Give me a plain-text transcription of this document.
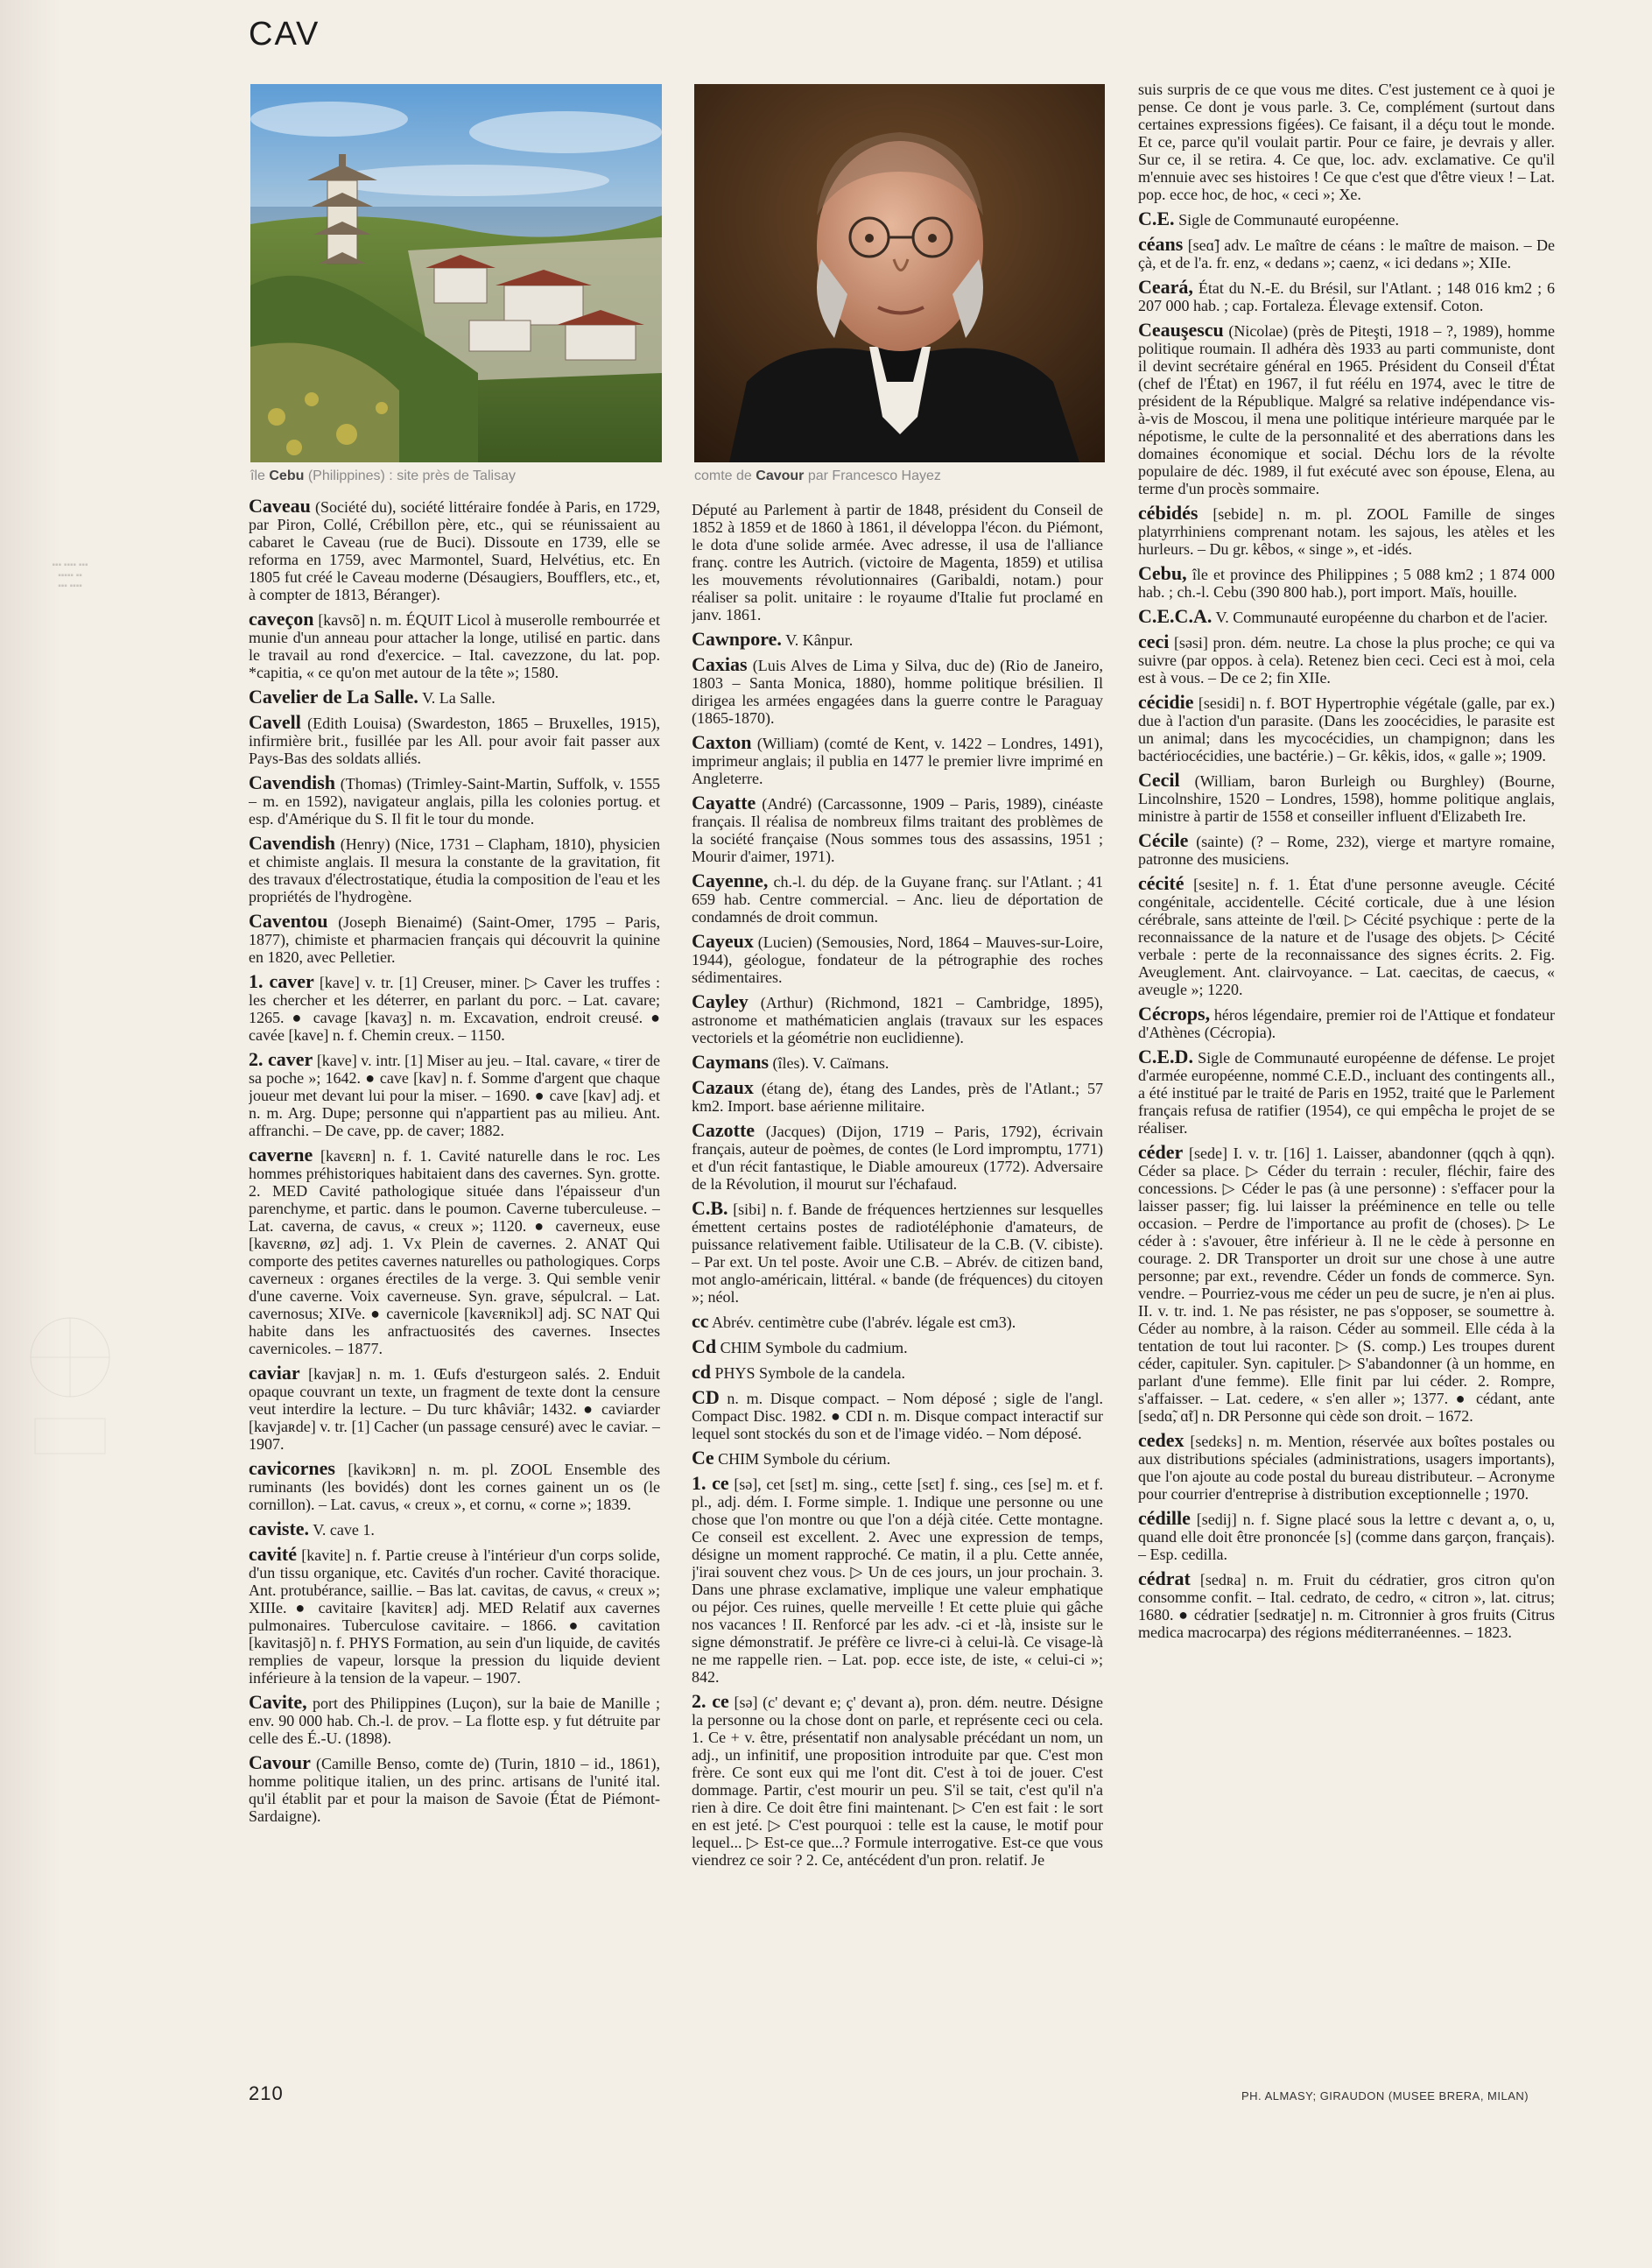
▪▪▪ ▪▪▪▪ ▪▪▪
▪▪▪▪▪ ▪▪
▪▪▪ ▪▪▪▪
CAV
île Cebu (Philippines) : site près de Talisay	comte de Cavour par Francesco Hayez

Caveau (Société du), société littéraire fondée à Paris, en 1729, par Piron, Collé, Crébillon père, etc., qui se réunissaient au cabaret le Caveau (rue de Buci). Dissoute en 1739, elle se reforma en 1759, avec Marmontel, Suard, Helvétius, etc. En 1805 fut créé le Caveau moderne (Désaugiers, Boufflers, etc., et, à compter de 1813, Béranger).

caveçon [kavsõ] n. m. ÉQUIT Licol à muserolle rembourrée et munie d'un anneau pour attacher la longe, utilisé en partic. dans le travail au rond d'exercice. – Ital. cavezzone, du lat. pop. *capitia, « ce qu'on met autour de la tête »; 1580.

Cavelier de La Salle. V. La Salle.

Cavell (Edith Louisa) (Swardeston, 1865 – Bruxelles, 1915), infirmière brit., fusillée par les All. pour avoir fait passer aux Pays-Bas des soldats alliés.

Cavendish (Thomas) (Trimley-Saint-Martin, Suffolk, v. 1555 – m. en 1592), navigateur anglais, pilla les colonies portug. et esp. d'Amérique du S. Il fit le tour du monde.

Cavendish (Henry) (Nice, 1731 – Clapham, 1810), physicien et chimiste anglais. Il mesura la constante de la gravitation, fit des travaux d'électrostatique, étudia la composition de l'eau et les propriétés de l'hydrogène.

Caventou (Joseph Bienaimé) (Saint-Omer, 1795 – Paris, 1877), chimiste et pharmacien français qui découvrit la quinine en 1820, avec Pelletier.

1. caver [kave] v. tr. [1] Creuser, miner. ▷ Caver les truffes : les chercher et les déterrer, en parlant du porc. – Lat. cavare; 1265. ● cavage [kavaʒ] n. m. Excavation, endroit creusé. ● cavée [kave] n. f. Chemin creux. – 1150.

2. caver [kave] v. intr. [1] Miser au jeu. – Ital. cavare, « tirer de sa poche »; 1642. ● cave [kav] n. f. Somme d'argent que chaque joueur met devant lui pour la miser. – 1690. ● cave [kav] adj. et n. m. Arg. Dupe; personne qui n'appartient pas au milieu. Ant. affranchi. – De cave, pp. de caver; 1882.

caverne [kavɛʀn] n. f. 1. Cavité naturelle dans le roc. Les hommes préhistoriques habitaient dans des cavernes. Syn. grotte. 2. MED Cavité pathologique située dans l'épaisseur d'un parenchyme, et partic. dans le poumon. Caverne tuberculeuse. – Lat. caverna, de cavus, « creux »; 1120. ● caverneux, euse [kavɛʀnø, øz] adj. 1. Vx Plein de cavernes. 2. ANAT Qui comporte des petites cavernes naturelles ou pathologiques. Corps caverneux : organes érectiles de la verge. 3. Qui semble venir d'une caverne. Voix caverneuse. Syn. grave, sépulcral. – Lat. cavernosus; XIVe. ● cavernicole [kavɛʀnikɔl] adj. SC NAT Qui habite dans les anfractuosités des cavernes. Insectes cavernicoles. – 1877.

caviar [kavjaʀ] n. m. 1. Œufs d'esturgeon salés. 2. Enduit opaque couvrant un texte, un fragment de texte dont la censure veut interdire la lecture. – Du turc khâviâr; 1432. ● caviarder [kavjaʀde] v. tr. [1] Cacher (un passage censuré) avec le caviar. – 1907.

cavicornes [kavikɔʀn] n. m. pl. ZOOL Ensemble des ruminants (les bovidés) dont les cornes gainent un os (le cornillon). – Lat. cavus, « creux », et cornu, « corne »; 1839.

caviste. V. cave 1.

cavité [kavite] n. f. Partie creuse à l'intérieur d'un corps solide, d'un tissu organique, etc. Cavités d'un rocher. Cavité thoracique. Ant. protubérance, saillie. – Bas lat. cavitas, de cavus, « creux »; XIIIe. ● cavitaire [kavitɛʀ] adj. MED Relatif aux cavernes pulmonaires. Tuberculose cavitaire. – 1866. ● cavitation [kavitasjõ] n. f. PHYS Formation, au sein d'un liquide, de cavités remplies de vapeur, lorsque la pression du liquide devient inférieure à la tension de la vapeur. – 1907.

Cavite, port des Philippines (Luçon), sur la baie de Manille ; env. 90 000 hab. Ch.-l. de prov. – La flotte esp. y fut détruite par celle des É.-U. (1898).

Cavour (Camille Benso, comte de) (Turin, 1810 – id., 1861), homme politique italien, un des princ. artisans de l'unité ital. qu'il établit par et pour la maison de Savoie (État de Piémont-Sardaigne).

Député au Parlement à partir de 1848, président du Conseil de 1852 à 1859 et de 1860 à 1861, il développa l'écon. du Piémont, le dota d'une solide armée. Avec adresse, il usa de l'alliance franç. contre les Autrich. (victoire de Magenta, 1859) et utilisa les mouvements révolutionnaires (Garibaldi, notam.) pour réaliser sa polit. unitaire : le royaume d'Italie fut proclamé en janv. 1861.

Cawnpore. V. Kânpur.

Caxias (Luis Alves de Lima y Silva, duc de) (Rio de Janeiro, 1803 – Santa Monica, 1880), homme politique brésilien. Il dirigea les armées engagées dans la guerre contre le Paraguay (1865-1870).

Caxton (William) (comté de Kent, v. 1422 – Londres, 1491), imprimeur anglais; il publia en 1477 le premier livre imprimé en Angleterre.

Cayatte (André) (Carcassonne, 1909 – Paris, 1989), cinéaste français. Il réalisa de nombreux films traitant des problèmes de la société française (Nous sommes tous des assassins, 1951 ; Mourir d'aimer, 1971).

Cayenne, ch.-l. du dép. de la Guyane franç. sur l'Atlant. ; 41 659 hab. Centre commercial. – Anc. lieu de déportation de condamnés de droit commun.

Cayeux (Lucien) (Semousies, Nord, 1864 – Mauves-sur-Loire, 1944), géologue, fondateur de la pétrographie des roches sédimentaires.

Cayley (Arthur) (Richmond, 1821 – Cambridge, 1895), astronome et mathématicien anglais (travaux sur les espaces vectoriels et la géométrie non euclidienne).

Caymans (îles). V. Caïmans.

Cazaux (étang de), étang des Landes, près de l'Atlant.; 57 km2. Import. base aérienne militaire.

Cazotte (Jacques) (Dijon, 1719 – Paris, 1792), écrivain français, auteur de poèmes, de contes (le Lord impromptu, 1771) et d'un récit fantastique, le Diable amoureux (1772). Adversaire de la Révolution, il mourut sur l'échafaud.

C.B. [sibi] n. f. Bande de fréquences hertziennes sur lesquelles émettent certains postes de radiotéléphonie d'amateurs, de puissance relativement faible. Utilisateur de la C.B. (V. cibiste). – Par ext. Un tel poste. Avoir une C.B. – Abrév. de citizen band, mot anglo-américain, littéral. « bande (de fréquences) du citoyen »; néol.

cc Abrév. centimètre cube (l'abrév. légale est cm3).

Cd CHIM Symbole du cadmium.

cd PHYS Symbole de la candela.

CD n. m. Disque compact. – Nom déposé ; sigle de l'angl. Compact Disc. 1982. ● CDI n. m. Disque compact interactif sur lequel sont stockés du son et de l'image vidéo. – Nom déposé.

Ce CHIM Symbole du cérium.

1. ce [sə], cet [sɛt] m. sing., cette [sɛt] f. sing., ces [se] m. et f. pl., adj. dém. I. Forme simple. 1. Indique une personne ou une chose que l'on montre ou que l'on a déjà citée. Cette montagne. Ce conseil est excellent. 2. Avec une expression de temps, désigne un moment rapproché. Ce matin, il a plu. Cette année, j'irai souvent chez vous. ▷ Un de ces jours, un jour prochain. 3. Dans une phrase exclamative, implique une valeur emphatique ou péjor. Ces ruines, quelle merveille ! Et cette pluie qui gâche nos vacances ! II. Renforcé par les adv. -ci et -là, insiste sur le signe démonstratif. Je préfère ce livre-ci à celui-là. Ce visage-là ne me rappelle rien. – Lat. pop. ecce iste, de iste, « celui-ci »; 842.

2. ce [sə] (c' devant e; ç' devant a), pron. dém. neutre. Désigne la personne ou la chose dont on parle, et représente ceci ou cela. 1. Ce + v. être, présentatif non analysable précédant un nom, un adj., un infinitif, une proposition introduite par que. C'est mon frère. Ce sont eux qui me l'ont dit. C'est à toi de jouer. C'est dommage. Partir, c'est mourir un peu. S'il se tait, c'est qu'il n'a rien à dire. Ce doit être fini maintenant. ▷ C'en est fait : le sort en est jeté. ▷ C'est pourquoi : telle est la cause, le motif pour lequel... ▷ Est-ce que...? Formule interrogative. Est-ce que vous viendrez ce soir ? 2. Ce, antécédent d'un pron. relatif. Je

suis surpris de ce que vous me dites. C'est justement ce à quoi je pense. Ce dont je vous parle. 3. Ce, complément (surtout dans certaines expressions figées). Ce faisant, il a déçu tout le monde. Et ce, parce qu'il voulait partir. Pour ce faire, je devrais y aller. Sur ce, il se retira. 4. Ce que, loc. adv. exclamative. Ce qu'il m'ennuie avec ses histoires ! Ce que c'est que d'être vieux ! – Lat. pop. ecce hoc, de hoc, « ceci »; Xe.

C.E. Sigle de Communauté européenne.

céans [seɑ̃] adv. Le maître de céans : le maître de maison. – De çà, et de l'a. fr. enz, « dedans »; caenz, « ici dedans »; XIIe.

Ceará, État du N.-E. du Brésil, sur l'Atlant. ; 148 016 km2 ; 6 207 000 hab. ; cap. Fortaleza. Élevage extensif. Coton.

Ceauşescu (Nicolae) (près de Piteşti, 1918 – ?, 1989), homme politique roumain. Il adhéra dès 1933 au parti communiste, dont il devint secrétaire général en 1965. Président du Conseil d'État (chef de l'État) en 1967, il fut réélu en 1974, avec le titre de président de la République. Malgré sa relative indépendance vis-à-vis de Moscou, il mena une politique intérieure marquée par le népotisme, le culte de la personnalité et des aberrations dans les domaines économique et social. Déchu lors de la révolte populaire de déc. 1989, il fut exécuté avec son épouse, Elena, au terme d'un procès sommaire.

cébidés [sebide] n. m. pl. ZOOL Famille de singes platyrrhiniens comprenant notam. les sajous, les atèles et les hurleurs. – Du gr. kêbos, « singe », et -idés.

Cebu, île et province des Philippines ; 5 088 km2 ; 1 874 000 hab. ; ch.-l. Cebu (390 800 hab.), port import. Maïs, houille.

C.E.C.A. V. Communauté européenne du charbon et de l'acier.

ceci [səsi] pron. dém. neutre. La chose la plus proche; ce qui va suivre (par oppos. à cela). Retenez bien ceci. Ceci est à moi, cela est à vous. – De ce 2; fin XIIe.

cécidie [sesidi] n. f. BOT Hypertrophie végétale (galle, par ex.) due à l'action d'un parasite. (Dans les zoocécidies, le parasite est un animal; dans les mycocécidies, un champignon; dans les bactériocécidies, une bactérie.) – Gr. kêkis, idos, « galle »; 1909.

Cecil (William, baron Burleigh ou Burghley) (Bourne, Lincolnshire, 1520 – Londres, 1598), homme politique anglais, ministre à partir de 1558 et conseiller influent d'Elizabeth Ire.

Cécile (sainte) (? – Rome, 232), vierge et martyre romaine, patronne des musiciens.

cécité [sesite] n. f. 1. État d'une personne aveugle. Cécité congénitale, accidentelle. Cécité corticale, due à une lésion cérébrale, sans atteinte de l'œil. ▷ Cécité psychique : perte de la reconnaissance de la nature et de l'usage des objets. ▷ Cécité verbale : perte de la reconnaissance des signes écrits. 2. Fig. Aveuglement. Ant. clairvoyance. – Lat. caecitas, de caecus, « aveugle »; 1220.

Cécrops, héros légendaire, premier roi de l'Attique et fondateur d'Athènes (Cécropia).

C.E.D. Sigle de Communauté européenne de défense. Le projet d'armée européenne, nommé C.E.D., incluant des contingents all., a été institué par le traité de Paris en 1952, traité que le Parlement français refusa de ratifier (1954), ce qui empêcha le projet de se réaliser.

céder [sede] I. v. tr. [16] 1. Laisser, abandonner (qqch à qqn). Céder sa place. ▷ Céder du terrain : reculer, fléchir, faire des concessions. ▷ Céder le pas (à une personne) : s'effacer pour la laisser passer; fig. lui laisser la prééminence en telle ou telle occasion. – Perdre de l'importance au profit de (choses). ▷ Le céder à : s'avouer, être inférieur à. Il ne le cède à personne en courage. 2. DR Transporter un droit sur une chose à une autre personne; par ext., revendre. Céder un fonds de commerce. Syn. vendre. – Pourriez-vous me céder un peu de sucre, je n'en ai plus. II. v. tr. ind. 1. Ne pas résister, ne pas s'opposer, se soumettre à. Céder au nombre, à la raison. Céder au sommeil. Elle céda à la tentation de tout lui raconter. ▷ (S. comp.) Les troupes durent céder, capituler. Syn. capituler. ▷ S'abandonner (à un homme, en parlant d'une femme). Elle finit par lui céder. 2. Rompre, s'affaisser. – Lat. cedere, « s'en aller »; 1377. ● cédant, ante [sedɑ̃, ɑ̃t] n. DR Personne qui cède son droit. – 1672.

cedex [sedɛks] n. m. Mention, réservée aux boîtes postales ou aux distributions spéciales (administrations, usagers importants), que l'on ajoute au code postal du bureau distributeur. – Acronyme pour courrier d'entreprise à distribution exceptionnelle ; 1970.

cédille [sedij] n. f. Signe placé sous la lettre c devant a, o, u, quand elle doit être prononcée [s] (comme dans garçon, français). – Esp. cedilla.

cédrat [sedʀa] n. m. Fruit du cédratier, gros citron qu'on consomme confit. – Ital. cedrato, de cedro, « citron », lat. citrus; 1680. ● cédratier [sedʀatje] n. m. Citronnier à gros fruits (Citrus medica macrocarpa) des régions méditerranéennes. – 1823.

210	PH. ALMASY; GIRAUDON (MUSEE BRERA, MILAN)
